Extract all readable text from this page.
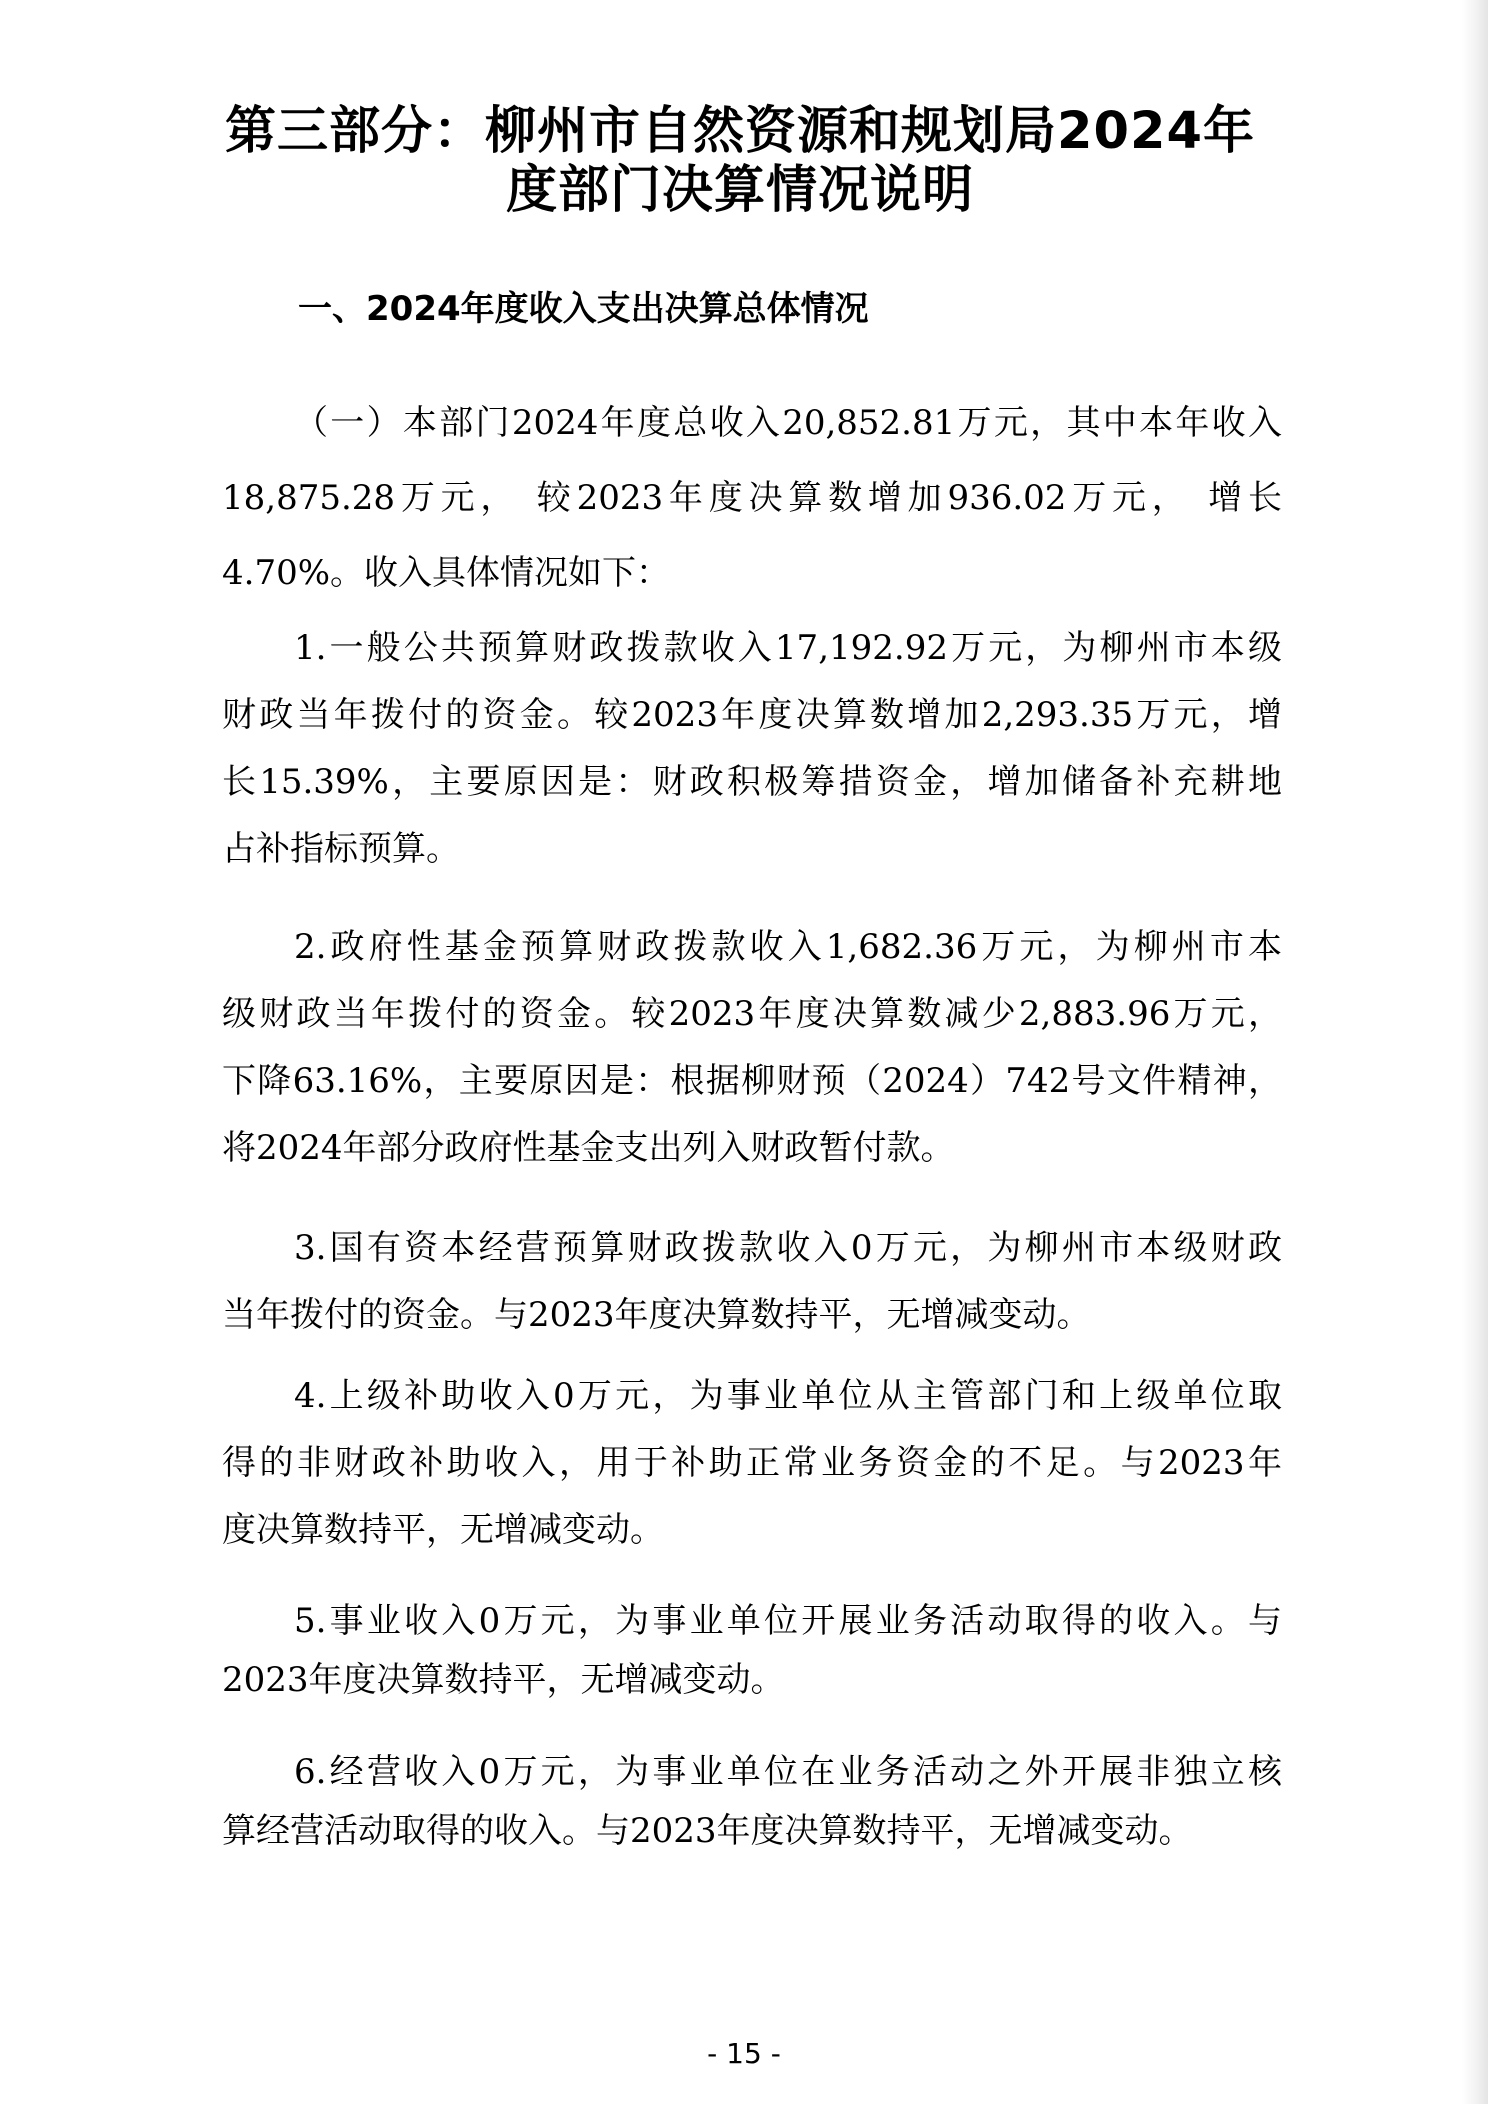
第三部分：柳州市自然资源和规划局2024年
度部门决算情况说明
一、2024年度收入支出决算总体情况
（一）本部门2024年度总收入20,852.81万元，其中本年收入
18,875.28万元， 较2023年度决算数增加936.02万元， 增长
4.70%。收入具体情况如下：
1.一般公共预算财政拨款收入17,192.92万元，为柳州市本级
财政当年拨付的资金。较2023年度决算数增加2,293.35万元，增
长15.39%，主要原因是：财政积极筹措资金，增加储备补充耕地
占补指标预算。
2.政府性基金预算财政拨款收入1,682.36万元，为柳州市本
级财政当年拨付的资金。较2023年度决算数减少2,883.96万元，
下降63.16%，主要原因是：根据柳财预（2024）742号文件精神，
将2024年部分政府性基金支出列入财政暂付款。
3.国有资本经营预算财政拨款收入0万元，为柳州市本级财政
当年拨付的资金。与2023年度决算数持平，无增减变动。
4.上级补助收入0万元，为事业单位从主管部门和上级单位取
得的非财政补助收入，用于补助正常业务资金的不足。与2023年
度决算数持平，无增减变动。
5.事业收入0万元，为事业单位开展业务活动取得的收入。与
2023年度决算数持平，无增减变动。
6.经营收入0万元，为事业单位在业务活动之外开展非独立核
算经营活动取得的收入。与2023年度决算数持平，无增减变动。
- 15 -
